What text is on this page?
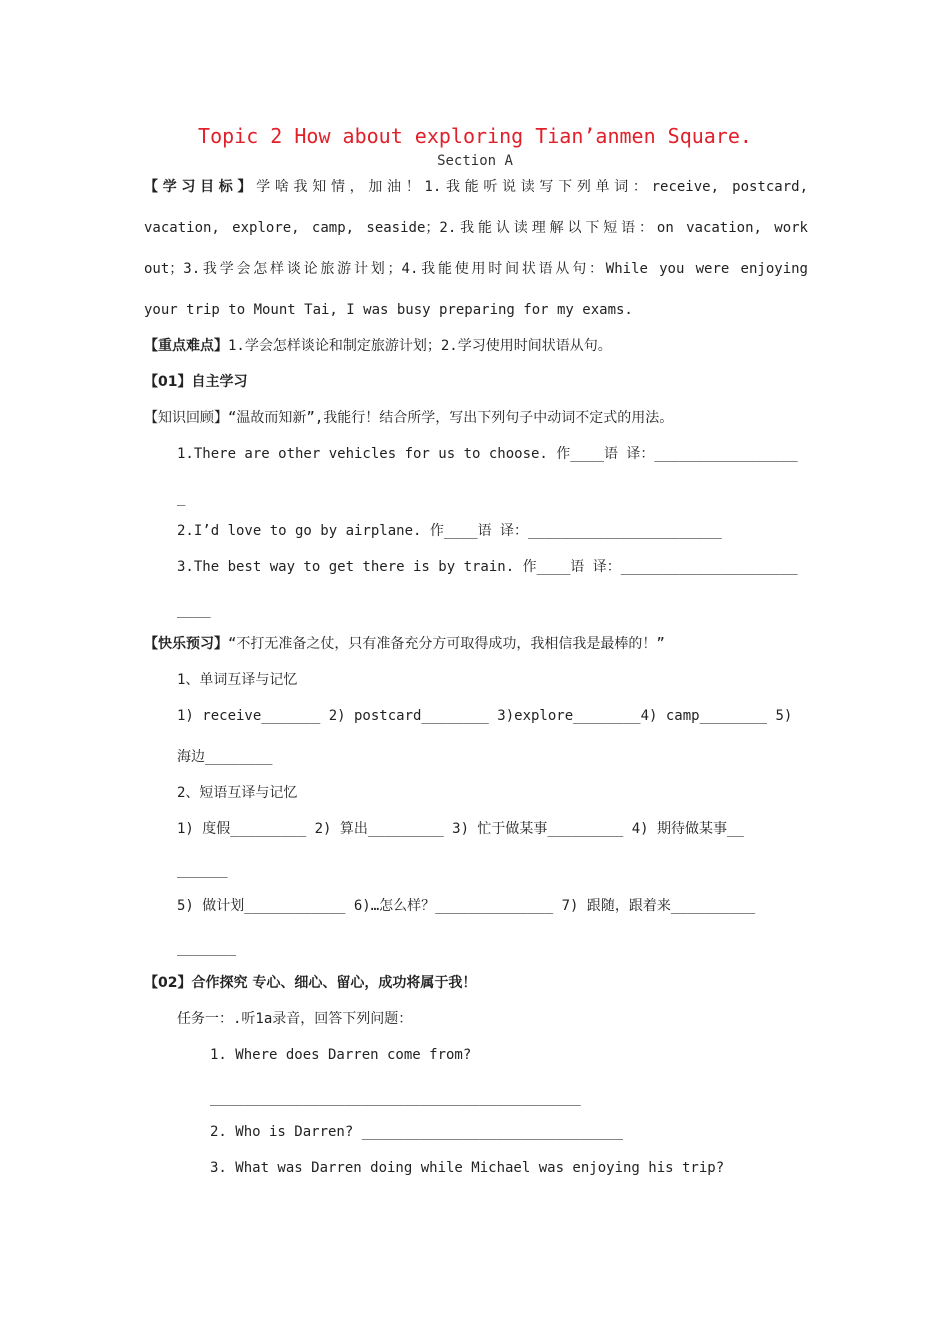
Topic 2 How about exploring Tian’anmen Square.
Section A
【学习目标】学啥我知情，加油！1.我能听说读写下列单词：receive, postcard,
vacation, explore, camp, seaside；2.我能认读理解以下短语：on vacation, work
out；3.我学会怎样谈论旅游计划；4.我能使用时间状语从句：While you were enjoying
your trip to Mount Tai, I was busy preparing for my exams.
【重点难点】1.学会怎样谈论和制定旅游计划；2.学习使用时间状语从句。
【01】自主学习
【知识回顾】“温故而知新”,我能行！结合所学，写出下列句子中动词不定式的用法。
1.There are other vehicles for us to choose. 作____语 译：_________________
_
2.I’d love to go by airplane. 作____语 译：_______________________
3.The best way to get there is by train. 作____语 译：_____________________
____
【快乐预习】“不打无准备之仗，只有准备充分方可取得成功，我相信我是最棒的！”
1、单词互译与记忆
1) receive_______ 2) postcard________ 3)explore________4) camp________ 5)
海边________
2、短语互译与记忆
1) 度假_________ 2) 算出_________ 3) 忙于做某事_________ 4) 期待做某事__
______
5) 做计划____________ 6)…怎么样？______________ 7) 跟随，跟着来__________
_______
【02】合作探究 专心、细心、留心，成功将属于我！
任务一：.听1a录音，回答下列问题：
1. Where does Darren come from?
____________________________________________
2. Who is Darren? _______________________________
3. What was Darren doing while Michael was enjoying his trip?
